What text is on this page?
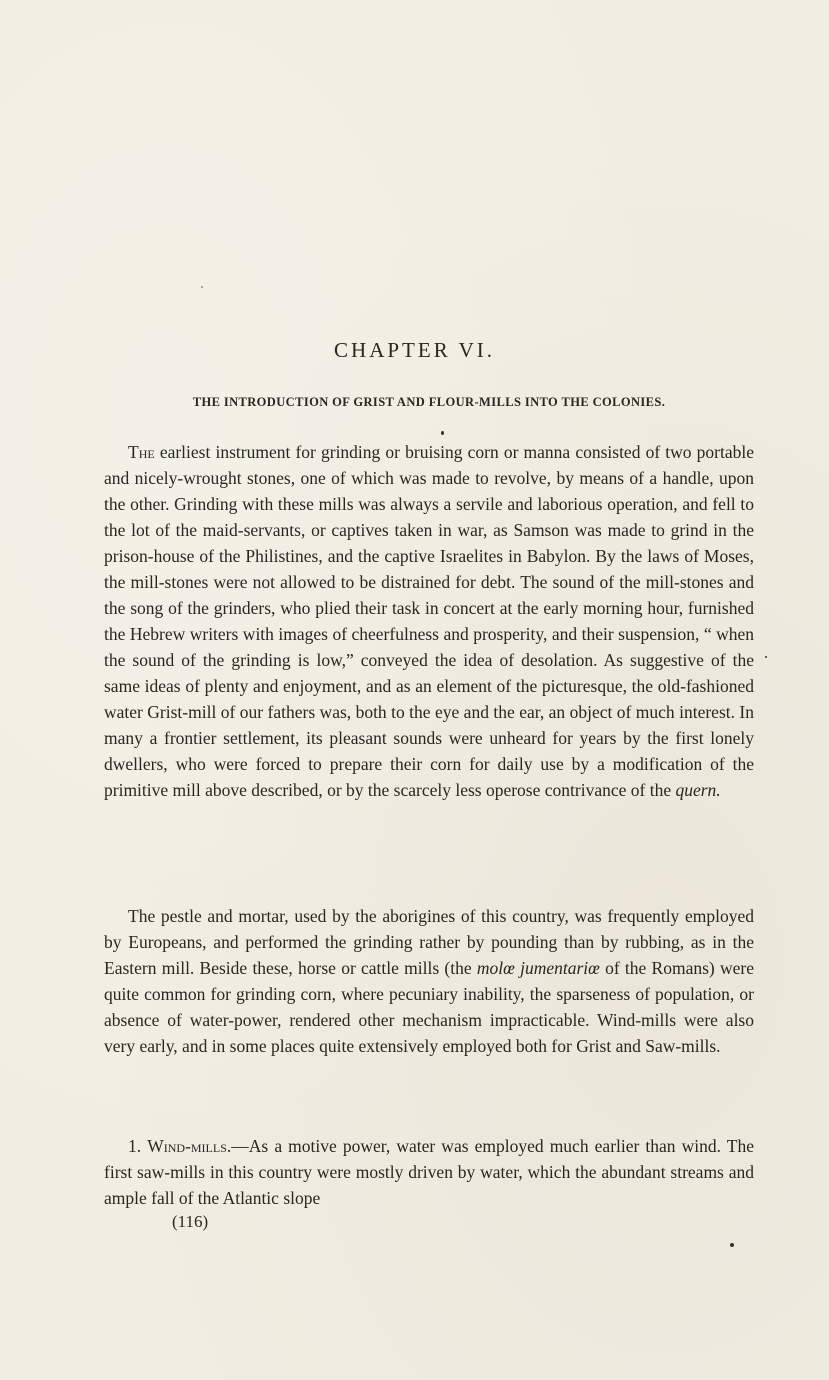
CHAPTER VI.
THE INTRODUCTION OF GRIST AND FLOUR-MILLS INTO THE COLONIES.

The earliest instrument for grinding or bruising corn or manna consisted of two portable and nicely-wrought stones, one of which was made to revolve, by means of a handle, upon the other. Grinding with these mills was always a servile and laborious operation, and fell to the lot of the maid-servants, or captives taken in war, as Samson was made to grind in the prison-house of the Philistines, and the captive Israelites in Babylon. By the laws of Moses, the mill-stones were not allowed to be distrained for debt. The sound of the mill-stones and the song of the grinders, who plied their task in concert at the early morning hour, furnished the Hebrew writers with images of cheerfulness and prosperity, and their suspension, “ when the sound of the grinding is low,” conveyed the idea of desolation. As suggestive of the same ideas of plenty and enjoyment, and as an element of the picturesque, the old-fashioned water Grist-mill of our fathers was, both to the eye and the ear, an object of much interest. In many a frontier settlement, its pleasant sounds were unheard for years by the first lonely dwellers, who were forced to prepare their corn for daily use by a modification of the primitive mill above described, or by the scarcely less operose contrivance of the quern.

The pestle and mortar, used by the aborigines of this country, was frequently employed by Europeans, and performed the grinding rather by pounding than by rubbing, as in the Eastern mill. Beside these, horse or cattle mills (the molœ jumentariœ of the Romans) were quite common for grinding corn, where pecuniary inability, the sparseness of population, or absence of water-power, rendered other mechanism impracticable. Wind-mills were also very early, and in some places quite extensively employed both for Grist and Saw-mills.

1. Wind-mills.—As a motive power, water was employed much earlier than wind. The first saw-mills in this country were mostly driven by water, which the abundant streams and ample fall of the Atlantic slope

(116)
